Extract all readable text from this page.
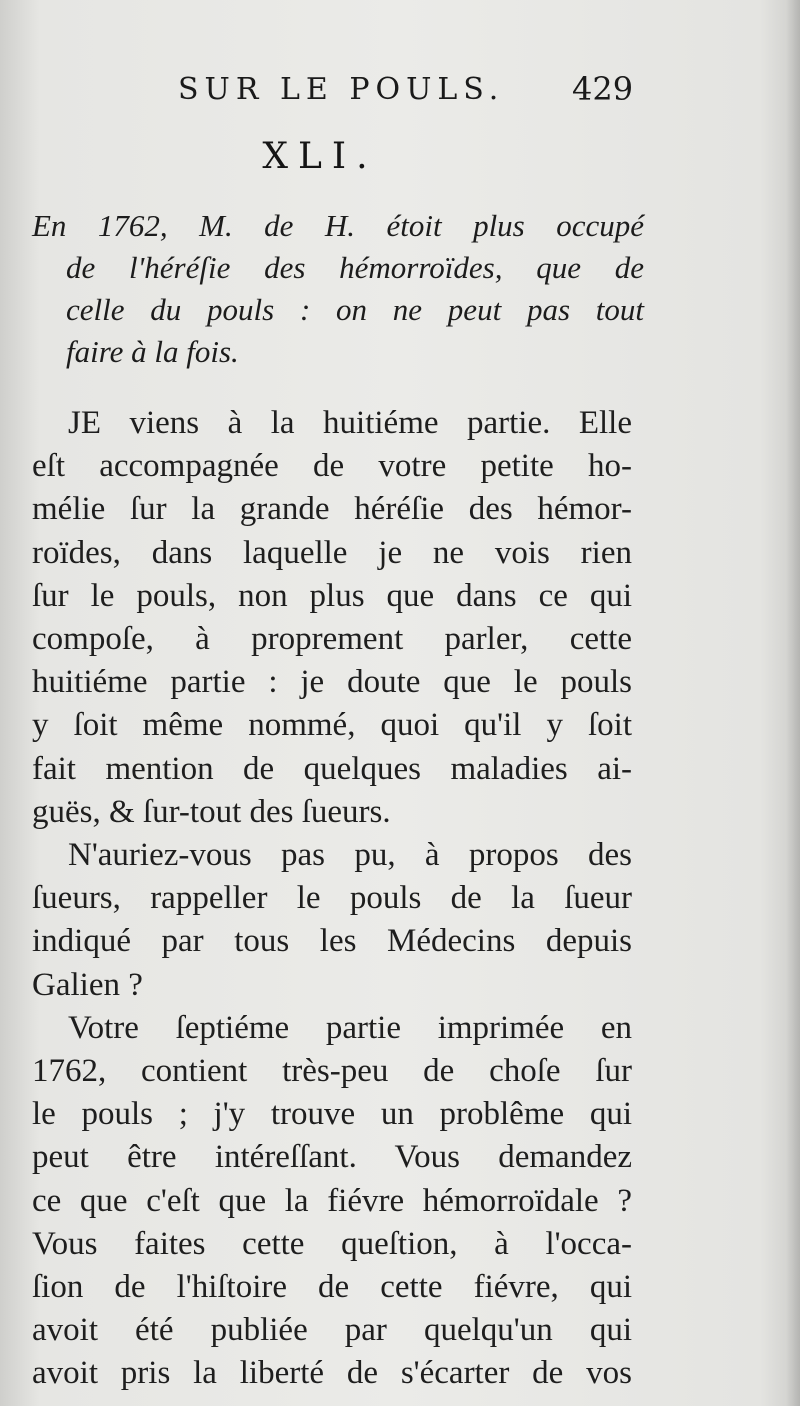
SUR LE POULS. 429
XLI.
En 1762, M. de H. étoit plus occupé
de l'héréſie des hémorroïdes, que de
celle du pouls : on ne peut pas tout
faire à la fois.
JE viens à la huitiéme partie. Elle
eſt accompagnée de votre petite ho-
mélie ſur la grande héréſie des hémor-
roïdes, dans laquelle je ne vois rien
ſur le pouls, non plus que dans ce qui
compoſe, à proprement parler, cette
huitiéme partie : je doute que le pouls
y ſoit même nommé, quoi qu'il y ſoit
fait mention de quelques maladies ai-
guës, & ſur-tout des ſueurs.
N'auriez-vous pas pu, à propos des
ſueurs, rappeller le pouls de la ſueur
indiqué par tous les Médecins depuis
Galien ?
Votre ſeptiéme partie imprimée en
1762, contient très-peu de choſe ſur
le pouls ; j'y trouve un problême qui
peut être intéreſſant. Vous demandez
ce que c'eſt que la fiévre hémorroïdale ?
Vous faites cette queſtion, à l'occa-
ſion de l'hiſtoire de cette fiévre, qui
avoit été publiée par quelqu'un qui
avoit pris la liberté de s'écarter de vos
